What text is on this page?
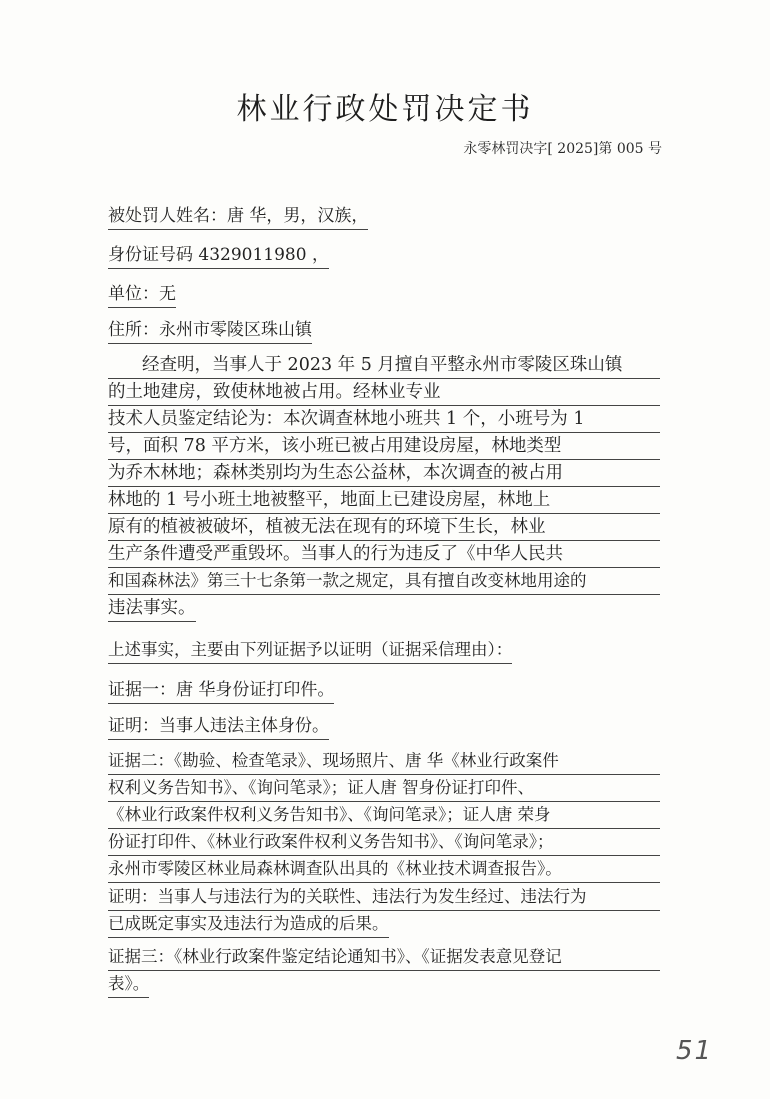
林业行政处罚决定书
永零林罚决字[ 2025]第 005 号
被处罚人姓名：唐 华，男，汉族，
身份证号码 4329011980 ，
单位：无
住所：永州市零陵区珠山镇
经查明，当事人于 2023 年 5 月擅自平整永州市零陵区珠山镇
的土地建房，致使林地被占用。经林业专业
技术人员鉴定结论为：本次调查林地小班共 1 个，小班号为 1
号，面积 78 平方米，该小班已被占用建设房屋，林地类型
为乔木林地；森林类别均为生态公益林，本次调查的被占用
林地的 1 号小班土地被整平，地面上已建设房屋，林地上
原有的植被被破坏，植被无法在现有的环境下生长，林业
生产条件遭受严重毁坏。当事人的行为违反了《中华人民共
和国森林法》第三十七条第一款之规定，具有擅自改变林地用途的
违法事实。
上述事实，主要由下列证据予以证明（证据采信理由）：
证据一：唐 华身份证打印件。
证明：当事人违法主体身份。
证据二：《勘验、检查笔录》、现场照片、唐 华《林业行政案件
权利义务告知书》、《询问笔录》；证人唐 智身份证打印件、
《林业行政案件权利义务告知书》、《询问笔录》；证人唐 荣身
份证打印件、《林业行政案件权利义务告知书》、《询问笔录》；
永州市零陵区林业局森林调查队出具的《林业技术调查报告》。
证明：当事人与违法行为的关联性、违法行为发生经过、违法行为
已成既定事实及违法行为造成的后果。
证据三：《林业行政案件鉴定结论通知书》、《证据发表意见登记
表》。
51
